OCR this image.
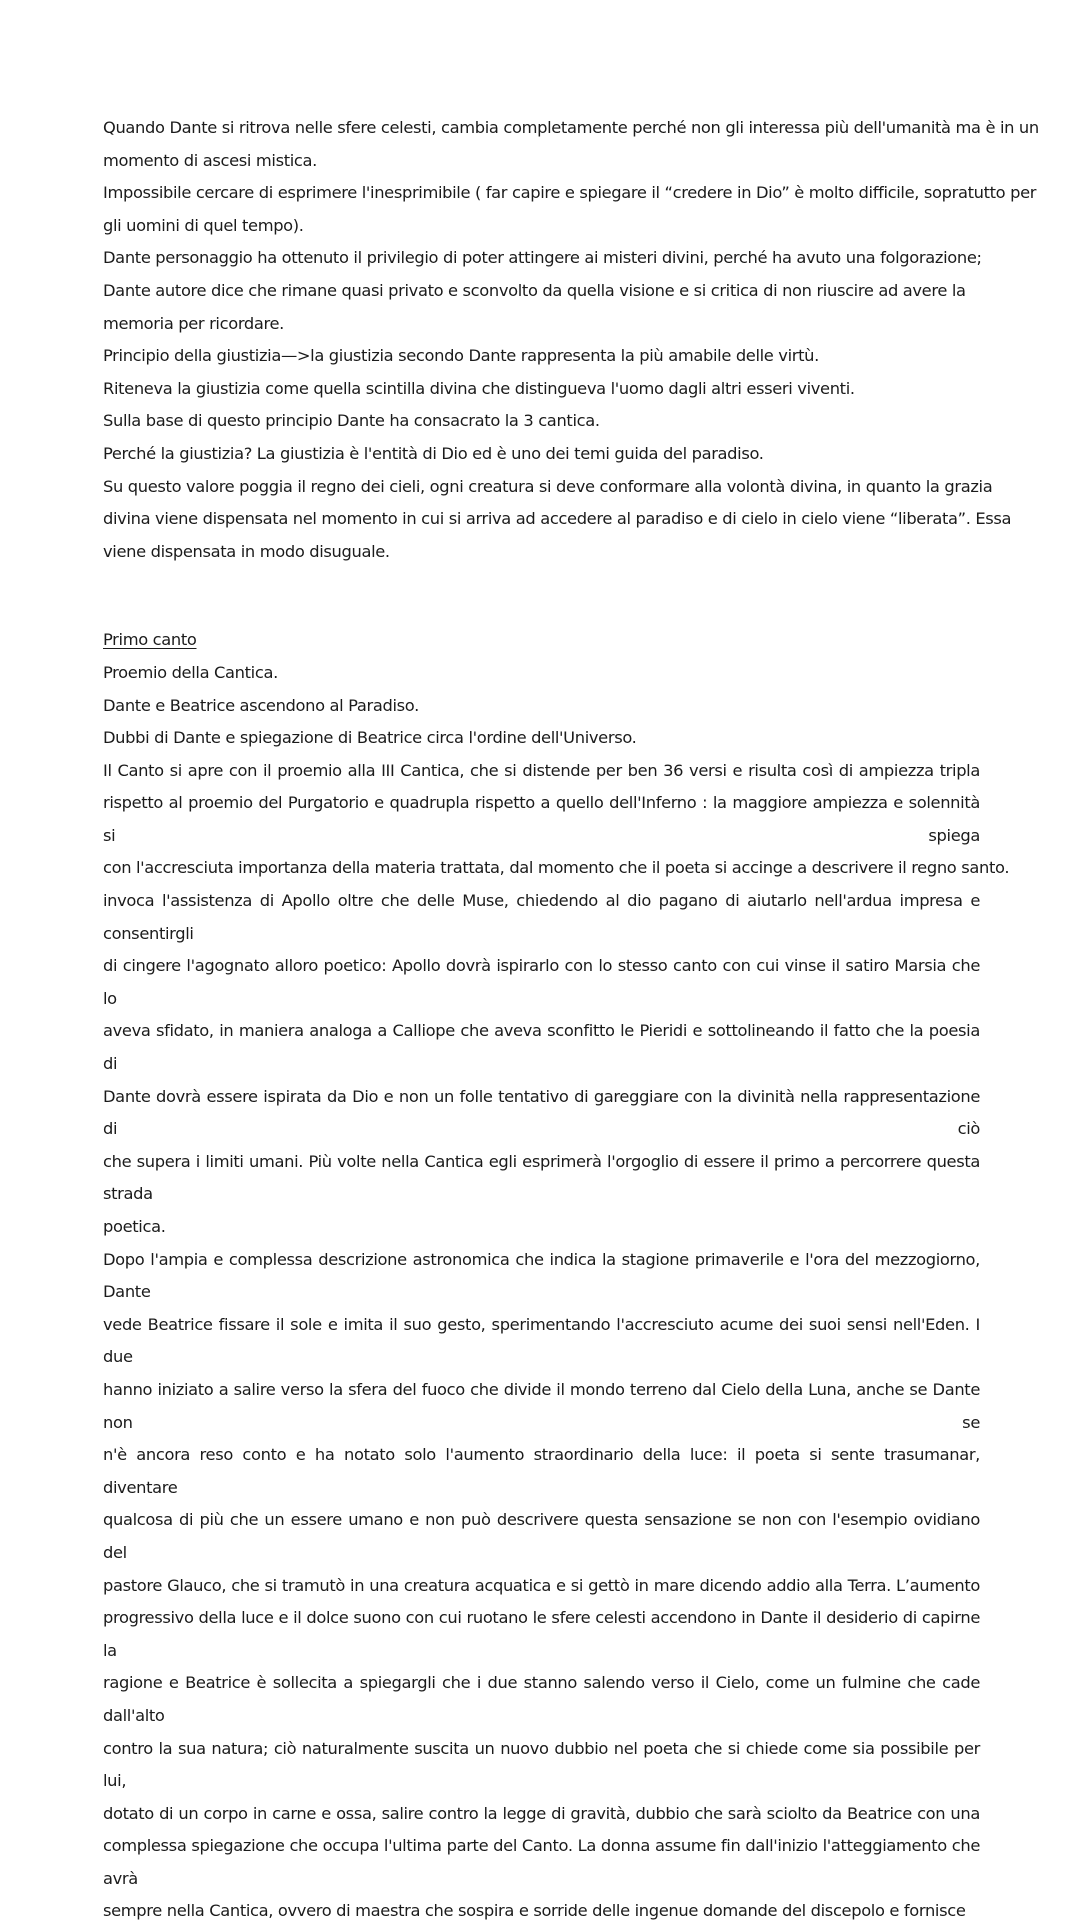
Quando Dante si ritrova nelle sfere celesti, cambia completamente perché non gli interessa più dell'umanità ma è in un
momento di ascesi mistica.
Impossibile cercare di esprimere l'inesprimibile ( far capire e spiegare il “credere in Dio” è molto difficile, sopratutto per
gli uomini di quel tempo).
Dante personaggio ha ottenuto il privilegio di poter attingere ai misteri divini, perché ha avuto una folgorazione;
Dante autore dice che rimane quasi privato e sconvolto da quella visione e si critica di non riuscire ad avere la
memoria per ricordare.
Principio della giustizia—>la giustizia secondo Dante rappresenta la più amabile delle virtù.
Riteneva la giustizia come quella scintilla divina che distingueva l'uomo dagli altri esseri viventi.
Sulla base di questo principio Dante ha consacrato la 3 cantica.
Perché la giustizia? La giustizia è l'entità di Dio ed è uno dei temi guida del paradiso.
Su questo valore poggia il regno dei cieli, ogni creatura si deve conformare alla volontà divina, in quanto la grazia
divina viene dispensata nel momento in cui si arriva ad accedere al paradiso e di cielo in cielo viene “liberata”. Essa
viene dispensata in modo disuguale.
Primo canto
Proemio della Cantica.
Dante e Beatrice ascendono al Paradiso.
Dubbi di Dante e spiegazione di Beatrice circa l'ordine dell'Universo.
Il Canto si apre con il proemio alla III Cantica, che si distende per ben 36 versi e risulta così di ampiezza tripla
rispetto al proemio del Purgatorio e quadrupla rispetto a quello dell'Inferno : la maggiore ampiezza e solennità si spiega
con l'accresciuta importanza della materia trattata, dal momento che il poeta si accinge a descrivere il regno santo.
invoca l'assistenza di Apollo oltre che delle Muse, chiedendo al dio pagano di aiutarlo nell'ardua impresa e consentirgli
di cingere l'agognato alloro poetico: Apollo dovrà ispirarlo con lo stesso canto con cui vinse il satiro Marsia che lo
aveva sfidato, in maniera analoga a Calliope che aveva sconfitto le Pieridi e sottolineando il fatto che la poesia di
Dante dovrà essere ispirata da Dio e non un folle tentativo di gareggiare con la divinità nella rappresentazione di ciò
che supera i limiti umani. Più volte nella Cantica egli esprimerà l'orgoglio di essere il primo a percorrere questa strada
poetica.
Dopo l'ampia e complessa descrizione astronomica che indica la stagione primaverile e l'ora del mezzogiorno, Dante
vede Beatrice fissare il sole e imita il suo gesto, sperimentando l'accresciuto acume dei suoi sensi nell'Eden. I due
hanno iniziato a salire verso la sfera del fuoco che divide il mondo terreno dal Cielo della Luna, anche se Dante non se
n'è ancora reso conto e ha notato solo l'aumento straordinario della luce: il poeta si sente trasumanar, diventare
qualcosa di più che un essere umano e non può descrivere questa sensazione se non con l'esempio ovidiano del
pastore Glauco, che si tramutò in una creatura acquatica e si gettò in mare dicendo addio alla Terra. L’aumento
progressivo della luce e il dolce suono con cui ruotano le sfere celesti accendono in Dante il desiderio di capirne la
ragione e Beatrice è sollecita a spiegargli che i due stanno salendo verso il Cielo, come un fulmine che cade dall'alto
contro la sua natura; ciò naturalmente suscita un nuovo dubbio nel poeta che si chiede come sia possibile per lui,
dotato di un corpo in carne e ossa, salire contro la legge di gravità, dubbio che sarà sciolto da Beatrice con una
complessa spiegazione che occupa l'ultima parte del Canto. La donna assume fin dall'inizio l'atteggiamento che avrà
sempre nella Cantica, ovvero di maestra che sospira e sorride delle ingenue domande del discepolo e fornisce
